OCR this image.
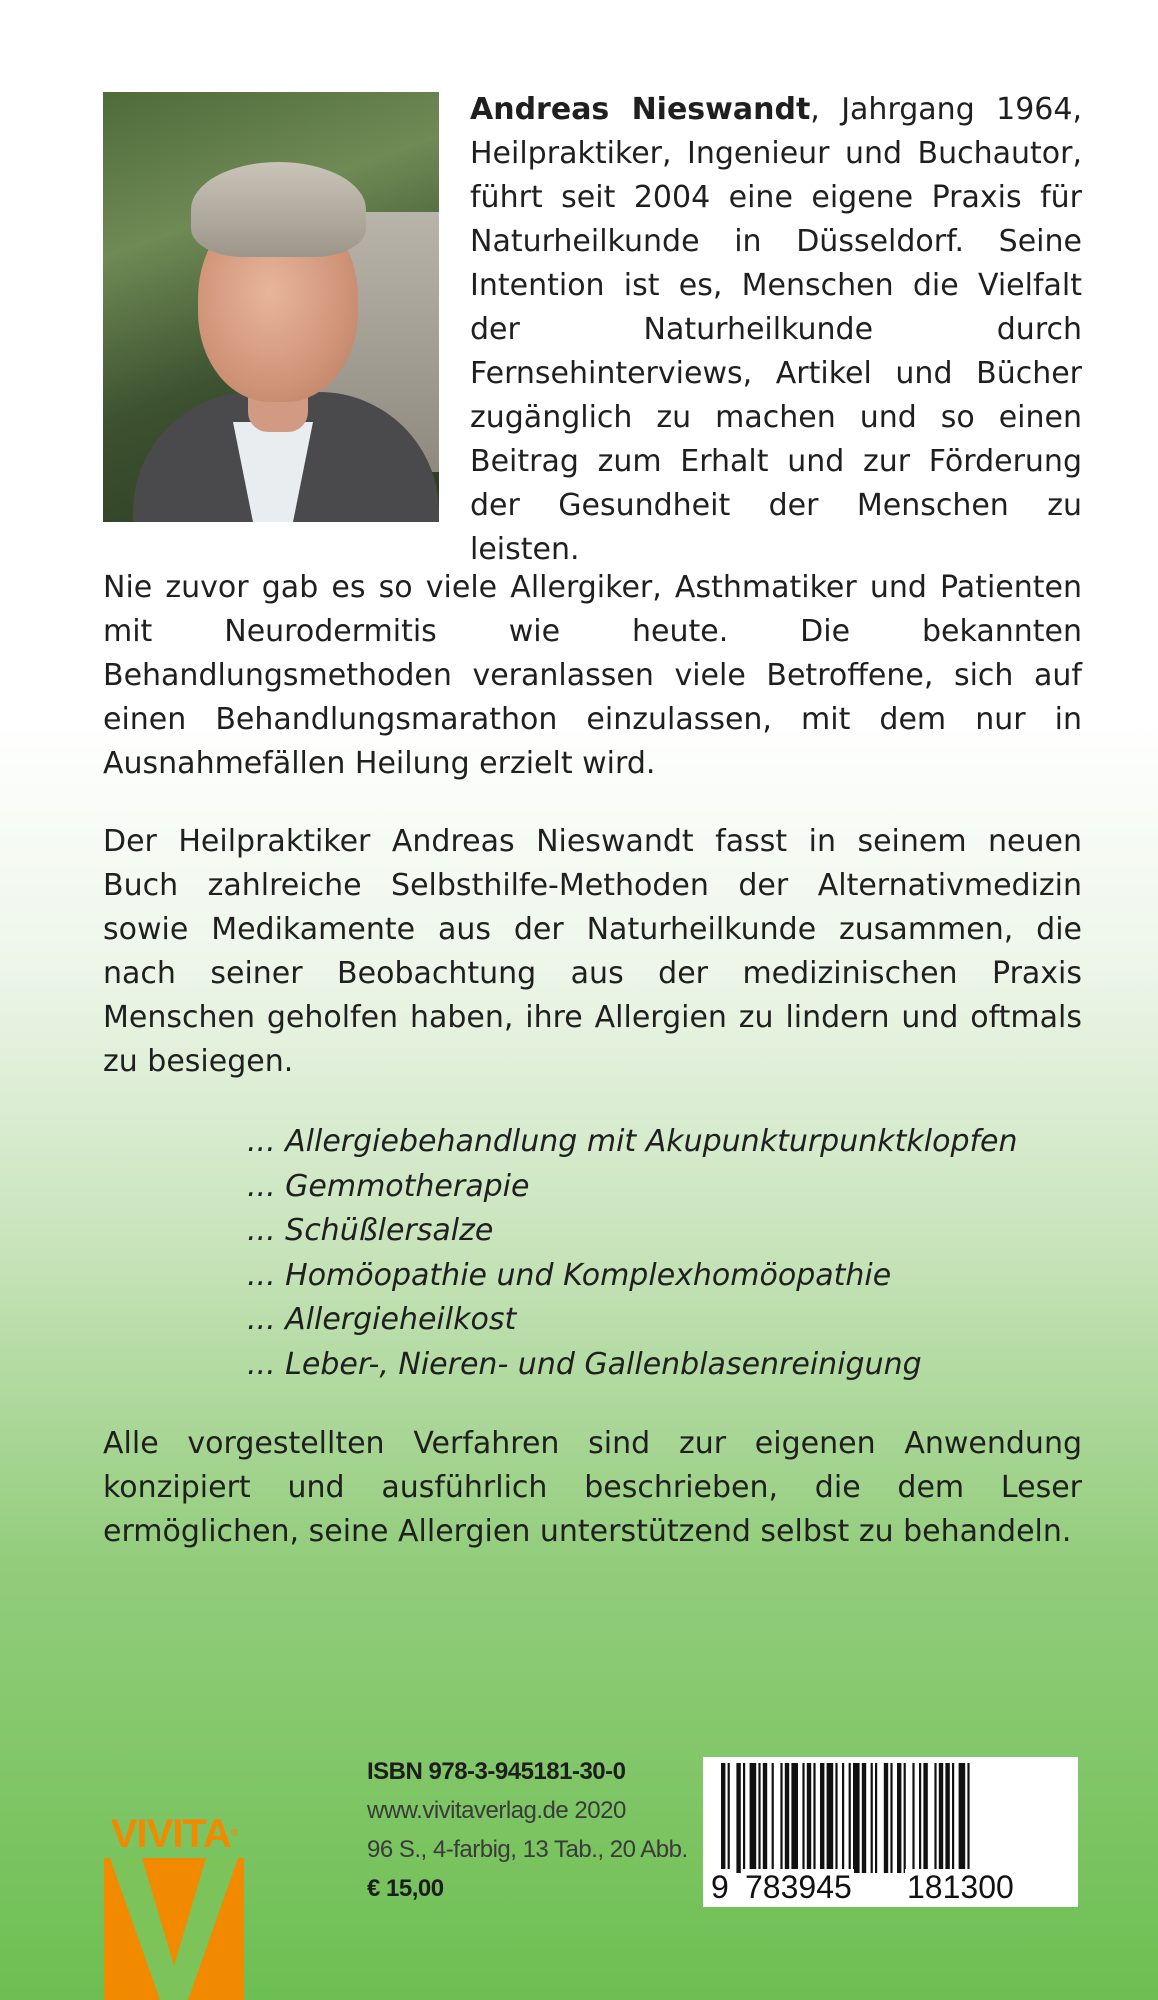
Andreas Nieswandt, Jahrgang 1964, Heilpraktiker, Ingenieur und Buchautor, führt seit 2004 eine eigene Praxis für Naturheilkunde in Düsseldorf. Seine Intention ist es, Menschen die Vielfalt der Naturheilkunde durch Fernsehinterviews, Artikel und Bücher zugänglich zu machen und so einen Beitrag zum Erhalt und zur Förderung der Gesundheit der Menschen zu leisten.

Nie zuvor gab es so viele Allergiker, Asthmatiker und Patienten mit Neurodermitis wie heute. Die bekannten Behandlungsmethoden veranlassen viele Betroffene, sich auf einen Behandlungsmarathon einzulassen, mit dem nur in Ausnahmefällen Heilung erzielt wird.

Der Heilpraktiker Andreas Nieswandt fasst in seinem neuen Buch zahlreiche Selbsthilfe-Methoden der Alternativmedizin sowie Medikamente aus der Naturheilkunde zusammen, die nach seiner Beobachtung aus der medizinischen Praxis Menschen geholfen haben, ihre Allergien zu lindern und oftmals zu besiegen.

... Allergiebehandlung mit Akupunkturpunktklopfen
... Gemmotherapie
... Schüßlersalze
... Homöopathie und Komplexhomöopathie
... Allergieheilkost
... Leber-, Nieren- und Gallenblasenreinigung

Alle vorgestellten Verfahren sind zur eigenen Anwendung konzipiert und ausführlich beschrieben, die dem Leser ermöglichen, seine Allergien unterstützend selbst zu behandeln.

VIVITA®
ISBN 978-3-945181-30-0
www.vivitaverlag.de 2020
96 S., 4-farbig, 13 Tab., 20 Abb.
€ 15,00	9 783945 181300
